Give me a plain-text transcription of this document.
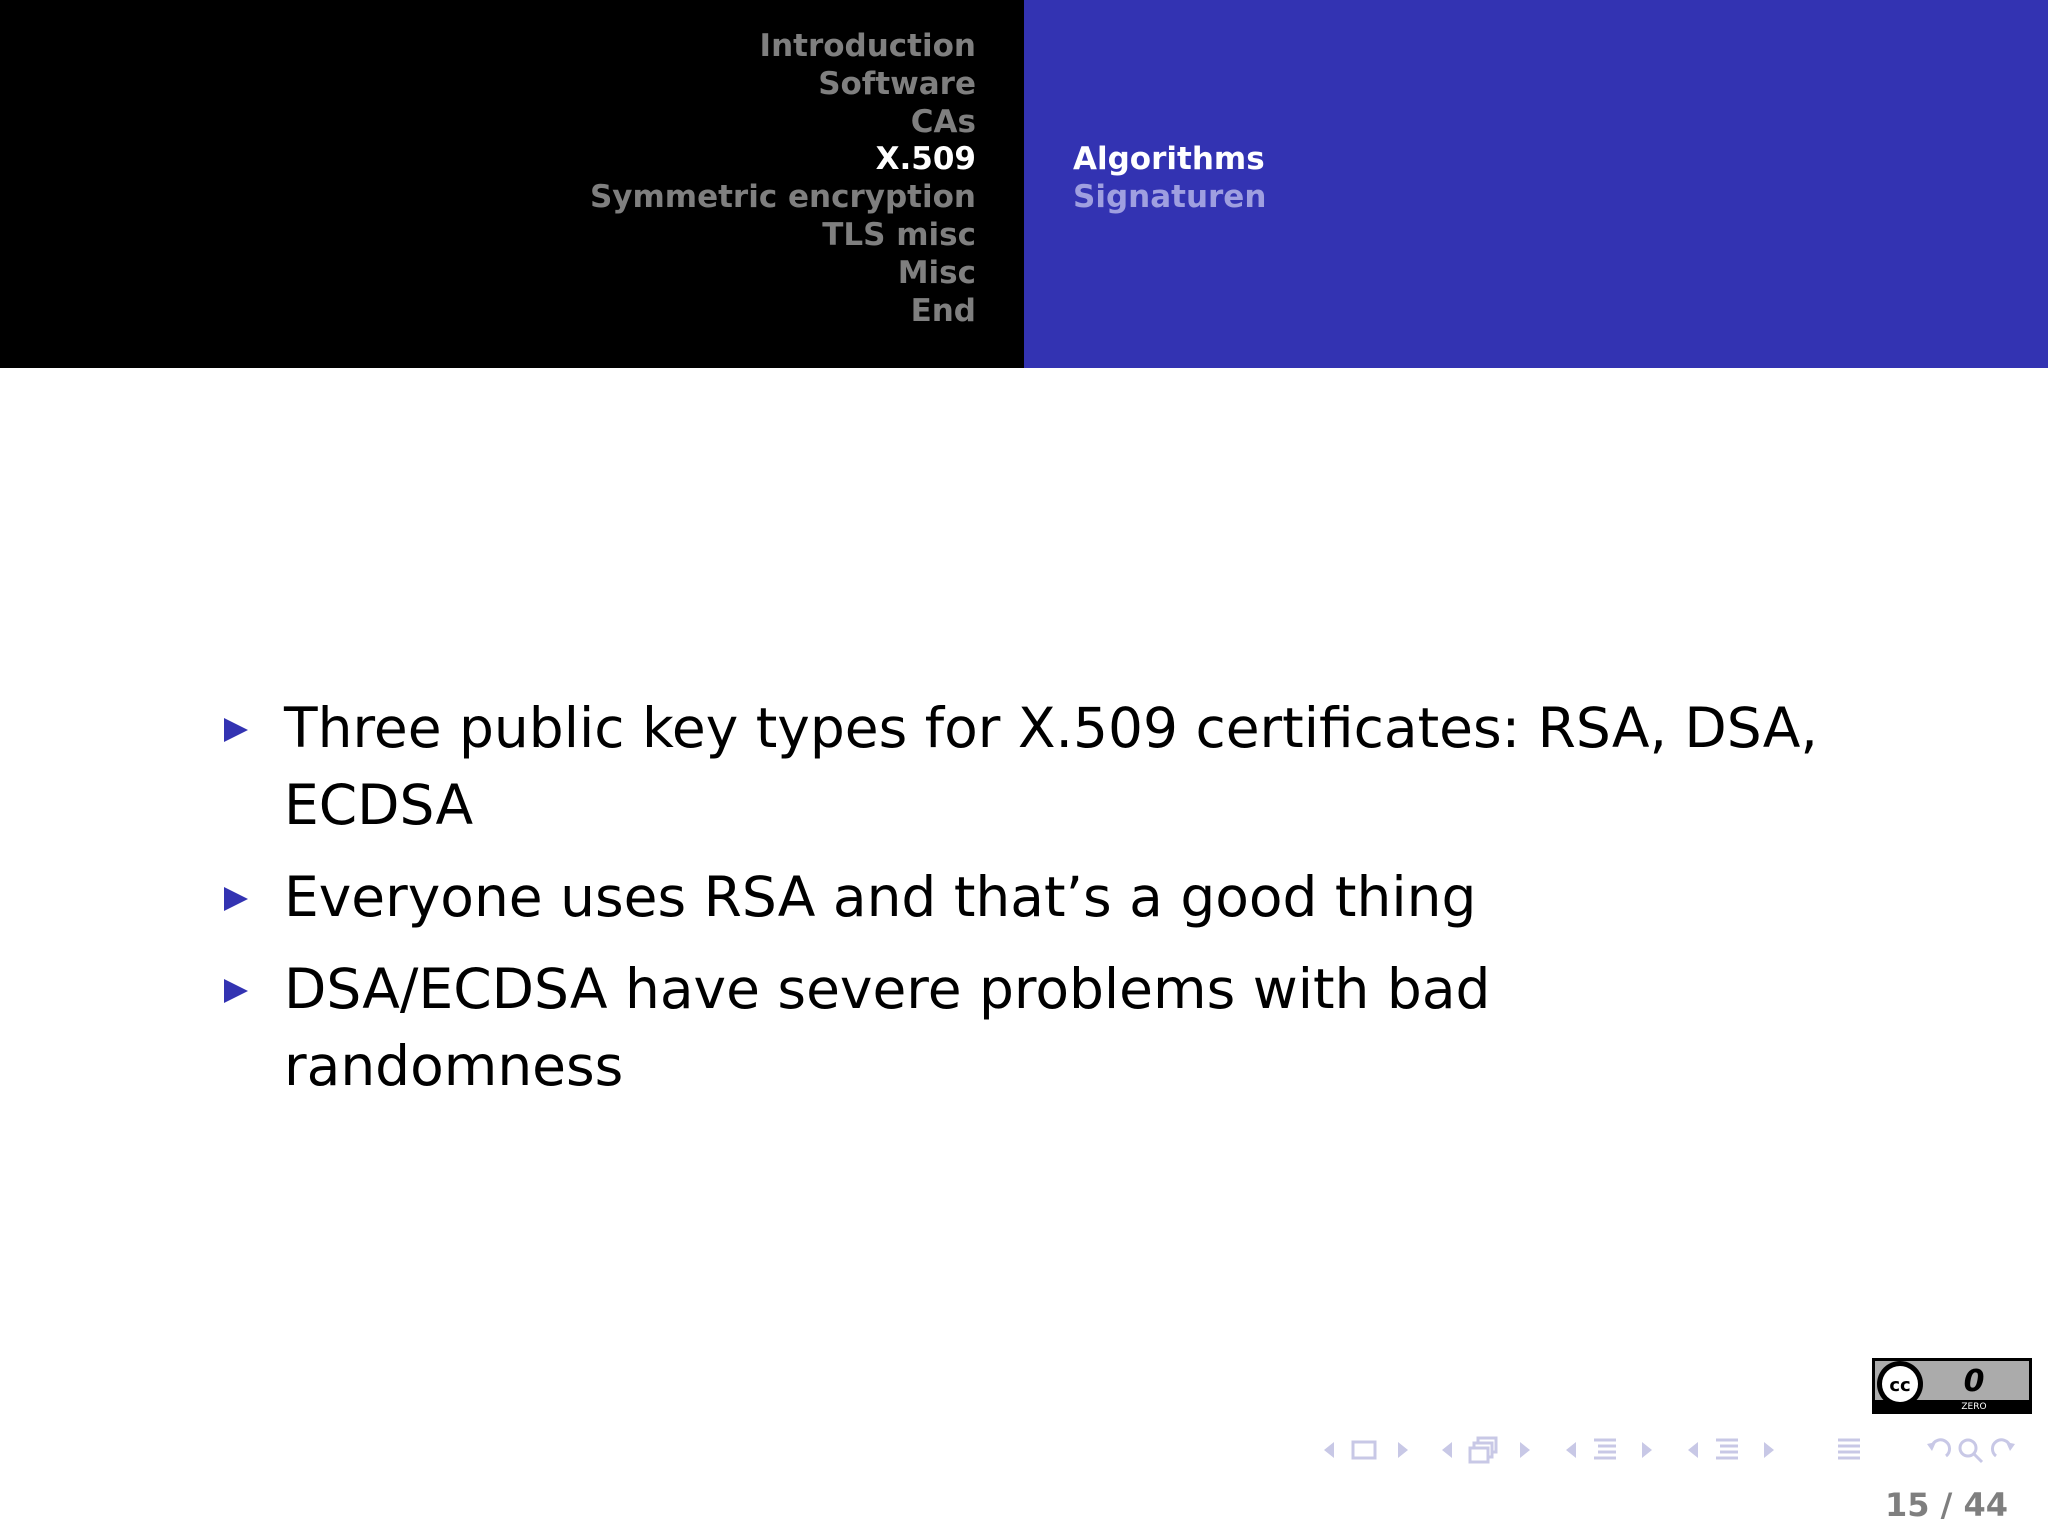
Introduction
Software
CAs
X.509
Symmetric encryption
TLS misc
Misc
End
Algorithms
Signaturen
Three public key types for X.509 certificates: RSA, DSA, ECDSA
Everyone uses RSA and that’s a good thing
DSA/ECDSA have severe problems with bad randomness
cc 0
ZERO
15 / 44
